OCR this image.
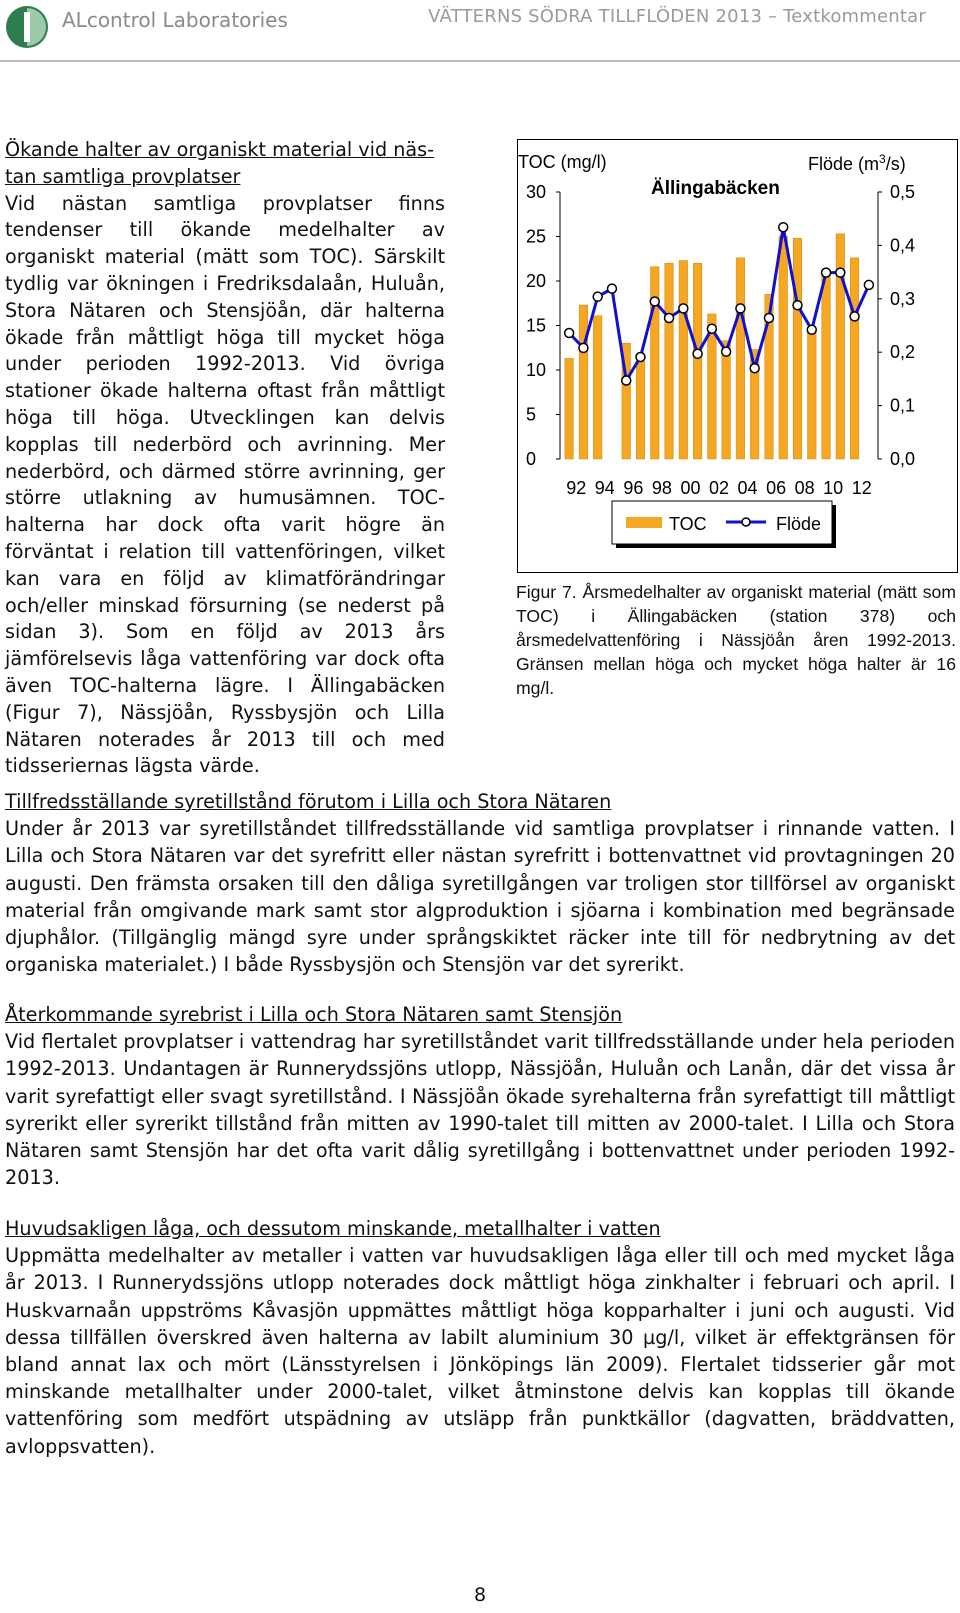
ALcontrol Laboratories	VÄTTERNS SÖDRA TILLFLÖDEN 2013 – Textkommentar
Ökande halter av organiskt material vid näs-
tan samtliga provplatser
Vid nästan samtliga provplatser finns tendenser till ökande medelhalter av organiskt material (mätt som TOC). Särskilt tydlig var ökningen i Fredriksdalaån, Huluån, Stora Nätaren och Stensjöån, där halterna ökade från måttligt höga till mycket höga under perioden 1992-2013. Vid övriga stationer ökade halterna oftast från måttligt höga till höga. Utvecklingen kan delvis kopplas till nederbörd och avrinning. Mer nederbörd, och därmed större avrinning, ger större utlakning av humusämnen. TOC-halterna har dock ofta varit högre än förväntat i relation till vattenföringen, vilket kan vara en följd av klimatförändringar och/eller minskad försurning (se nederst på sidan 3). Som en följd av 2013 års jämförelsevis låga vattenföring var dock ofta även TOC-halterna lägre. I Ällingabäcken (Figur 7), Nässjöån, Ryssbysjön och Lilla Nätaren noterades år 2013 till och med tidsseriernas lägsta värde.
TOC (mg/l)	Flöde $(m^3/s)$
Ällingabäcken
0
5
10
15
20
25
30
0,0
0,1
0,2
0,3
0,4
0,5
92 94 96 98 00 02 04 06 08 10 12
TOC	Flöde
Figur 7. Årsmedelhalter av organiskt material (mätt som TOC) i Ällingabäcken (station 378) och årsmedelvattenföring i Nässjöån åren 1992-2013. Gränsen mellan höga och mycket höga halter är 16 mg/l.
Tillfredsställande syretillstånd förutom i Lilla och Stora Nätaren
Under år 2013 var syretillståndet tillfredsställande vid samtliga provplatser i rinnande vatten. I Lilla och Stora Nätaren var det syrefritt eller nästan syrefritt i bottenvattnet vid provtagningen 20 augusti. Den främsta orsaken till den dåliga syretillgången var troligen stor tillförsel av organiskt material från omgivande mark samt stor algproduktion i sjöarna i kombination med begränsade djuphålor. (Tillgänglig mängd syre under språngskiktet räcker inte till för nedbrytning av det organiska materialet.) I både Ryssbysjön och Stensjön var det syrerikt.
Återkommande syrebrist i Lilla och Stora Nätaren samt Stensjön
Vid flertalet provplatser i vattendrag har syretillståndet varit tillfredsställande under hela perioden 1992-2013. Undantagen är Runnerydssjöns utlopp, Nässjöån, Huluån och Lanån, där det vissa år varit syrefattigt eller svagt syretillstånd. I Nässjöån ökade syrehalterna från syrefattigt till måttligt syrerikt eller syrerikt tillstånd från mitten av 1990-talet till mitten av 2000-talet. I Lilla och Stora Nätaren samt Stensjön har det ofta varit dålig syretillgång i bottenvattnet under perioden 1992-2013.
Huvudsakligen låga, och dessutom minskande, metallhalter i vatten
Uppmätta medelhalter av metaller i vatten var huvudsakligen låga eller till och med mycket låga år 2013. I Runnerydssjöns utlopp noterades dock måttligt höga zinkhalter i februari och april. I Huskvarnaån uppströms Kåvasjön uppmättes måttligt höga kopparhalter i juni och augusti. Vid dessa tillfällen överskred även halterna av labilt aluminium 30 µg/l, vilket är effektgränsen för bland annat lax och mört (Länsstyrelsen i Jönköpings län 2009). Flertalet tidsserier går mot minskande metallhalter under 2000-talet, vilket åtminstone delvis kan kopplas till ökande vattenföring som medfört utspädning av utsläpp från punktkällor (dagvatten, bräddvatten, avloppsvatten).
8
